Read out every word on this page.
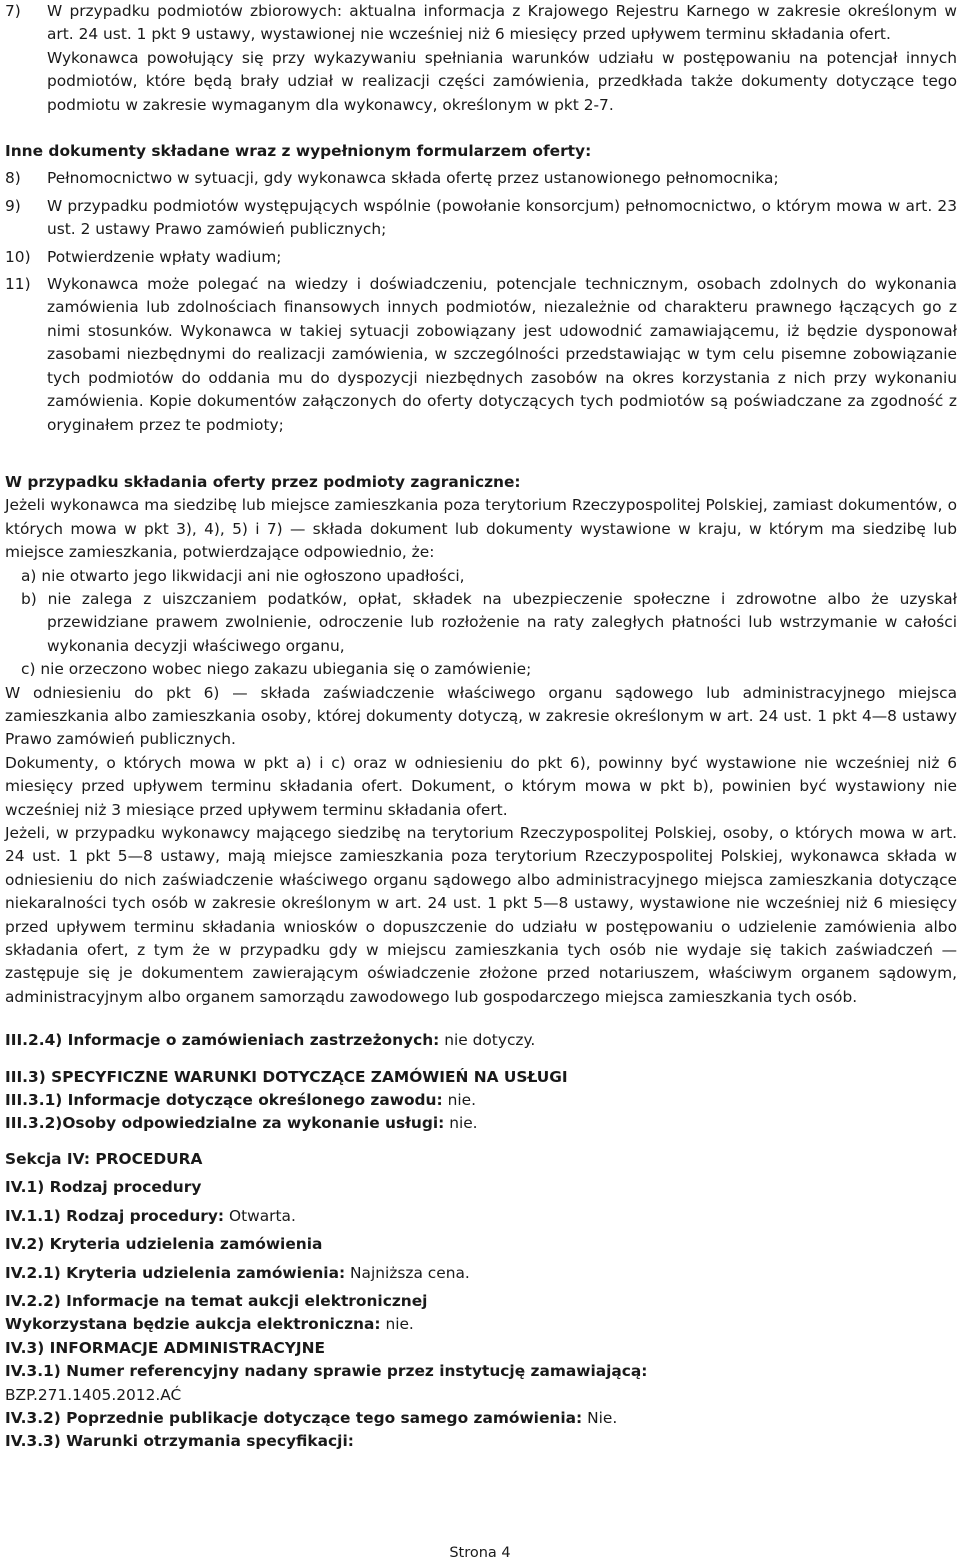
7)	W przypadku podmiotów zbiorowych: aktualna informacja z Krajowego Rejestru Karnego w zakresie określonym w art. 24 ust. 1 pkt 9 ustawy, wystawionej nie wcześniej niż 6 miesięcy przed upływem terminu składania ofert.

Wykonawca powołujący się przy wykazywaniu spełniania warunków udziału w postępowaniu na potencjał innych podmiotów, które będą brały udział w realizacji części zamówienia, przedkłada także dokumenty dotyczące tego podmiotu w zakresie wymaganym dla wykonawcy, określonym w pkt 2-7.

Inne dokumenty składane wraz z wypełnionym formularzem oferty:

8)	Pełnomocnictwo w sytuacji, gdy wykonawca składa ofertę przez ustanowionego pełnomocnika;
9)	W przypadku podmiotów występujących wspólnie (powołanie konsorcjum) pełnomocnictwo, o którym mowa w art. 23 ust. 2 ustawy Prawo zamówień publicznych;
10)	Potwierdzenie wpłaty wadium;
11)	Wykonawca może polegać na wiedzy i doświadczeniu, potencjale technicznym, osobach zdolnych do wykonania zamówienia lub zdolnościach finansowych innych podmiotów, niezależnie od charakteru prawnego łączących go z nimi stosunków. Wykonawca w takiej sytuacji zobowiązany jest udowodnić zamawiającemu, iż będzie dysponował zasobami niezbędnymi do realizacji zamówienia, w szczególności przedstawiając w tym celu pisemne zobowiązanie tych podmiotów do oddania mu do dyspozycji niezbędnych zasobów na okres korzystania z nich przy wykonaniu zamówienia. Kopie dokumentów załączonych do oferty dotyczących tych podmiotów są poświadczane za zgodność z oryginałem przez te podmioty;

W przypadku składania oferty przez podmioty zagraniczne:

Jeżeli wykonawca ma siedzibę lub miejsce zamieszkania poza terytorium Rzeczypospolitej Polskiej, zamiast dokumentów, o których mowa w pkt 3), 4), 5) i 7) — składa dokument lub dokumenty wystawione w kraju, w którym ma siedzibę lub miejsce zamieszkania, potwierdzające odpowiednio, że:

a) nie otwarto jego likwidacji ani nie ogłoszono upadłości,

b) nie zalega z uiszczaniem podatków, opłat, składek na ubezpieczenie społeczne i zdrowotne albo że uzyskał przewidziane prawem zwolnienie, odroczenie lub rozłożenie na raty zaległych płatności lub wstrzymanie w całości wykonania decyzji właściwego organu,

c) nie orzeczono wobec niego zakazu ubiegania się o zamówienie;

W odniesieniu do pkt 6) — składa zaświadczenie właściwego organu sądowego lub administracyjnego miejsca zamieszkania albo zamieszkania osoby, której dokumenty dotyczą, w zakresie określonym w art. 24 ust. 1 pkt 4—8 ustawy Prawo zamówień publicznych.

Dokumenty, o których mowa w pkt a) i c) oraz w odniesieniu do pkt 6), powinny być wystawione nie wcześniej niż 6 miesięcy przed upływem terminu składania ofert. Dokument, o którym mowa w pkt b), powinien być wystawiony nie wcześniej niż 3 miesiące przed upływem terminu składania ofert.

Jeżeli, w przypadku wykonawcy mającego siedzibę na terytorium Rzeczypospolitej Polskiej, osoby, o których mowa w art. 24 ust. 1 pkt 5—8 ustawy, mają miejsce zamieszkania poza terytorium Rzeczypospolitej Polskiej, wykonawca składa w odniesieniu do nich zaświadczenie właściwego organu sądowego albo administracyjnego miejsca zamieszkania dotyczące niekaralności tych osób w zakresie określonym w art. 24 ust. 1 pkt 5—8 ustawy, wystawione nie wcześniej niż 6 miesięcy przed upływem terminu składania wniosków o dopuszczenie do udziału w postępowaniu o udzielenie zamówienia albo składania ofert, z tym że w przypadku gdy w miejscu zamieszkania tych osób nie wydaje się takich zaświadczeń — zastępuje się je dokumentem zawierającym oświadczenie złożone przed notariuszem, właściwym organem sądowym, administracyjnym albo organem samorządu zawodowego lub gospodarczego miejsca zamieszkania tych osób.

III.2.4) Informacje o zamówieniach zastrzeżonych: nie dotyczy.

III.3) SPECYFICZNE WARUNKI DOTYCZĄCE ZAMÓWIEŃ NA USŁUGI

III.3.1) Informacje dotyczące określonego zawodu: nie.

III.3.2)Osoby odpowiedzialne za wykonanie usługi: nie.

Sekcja IV: PROCEDURA

IV.1) Rodzaj procedury

IV.1.1) Rodzaj procedury: Otwarta.

IV.2) Kryteria udzielenia zamówienia

IV.2.1) Kryteria udzielenia zamówienia: Najniższa cena.

IV.2.2) Informacje na temat aukcji elektronicznej

Wykorzystana będzie aukcja elektroniczna: nie.

IV.3) INFORMACJE ADMINISTRACYJNE

IV.3.1) Numer referencyjny nadany sprawie przez instytucję zamawiającą:

BZP.271.1405.2012.AĆ

IV.3.2) Poprzednie publikacje dotyczące tego samego zamówienia: Nie.

IV.3.3) Warunki otrzymania specyfikacji:

Strona 4
